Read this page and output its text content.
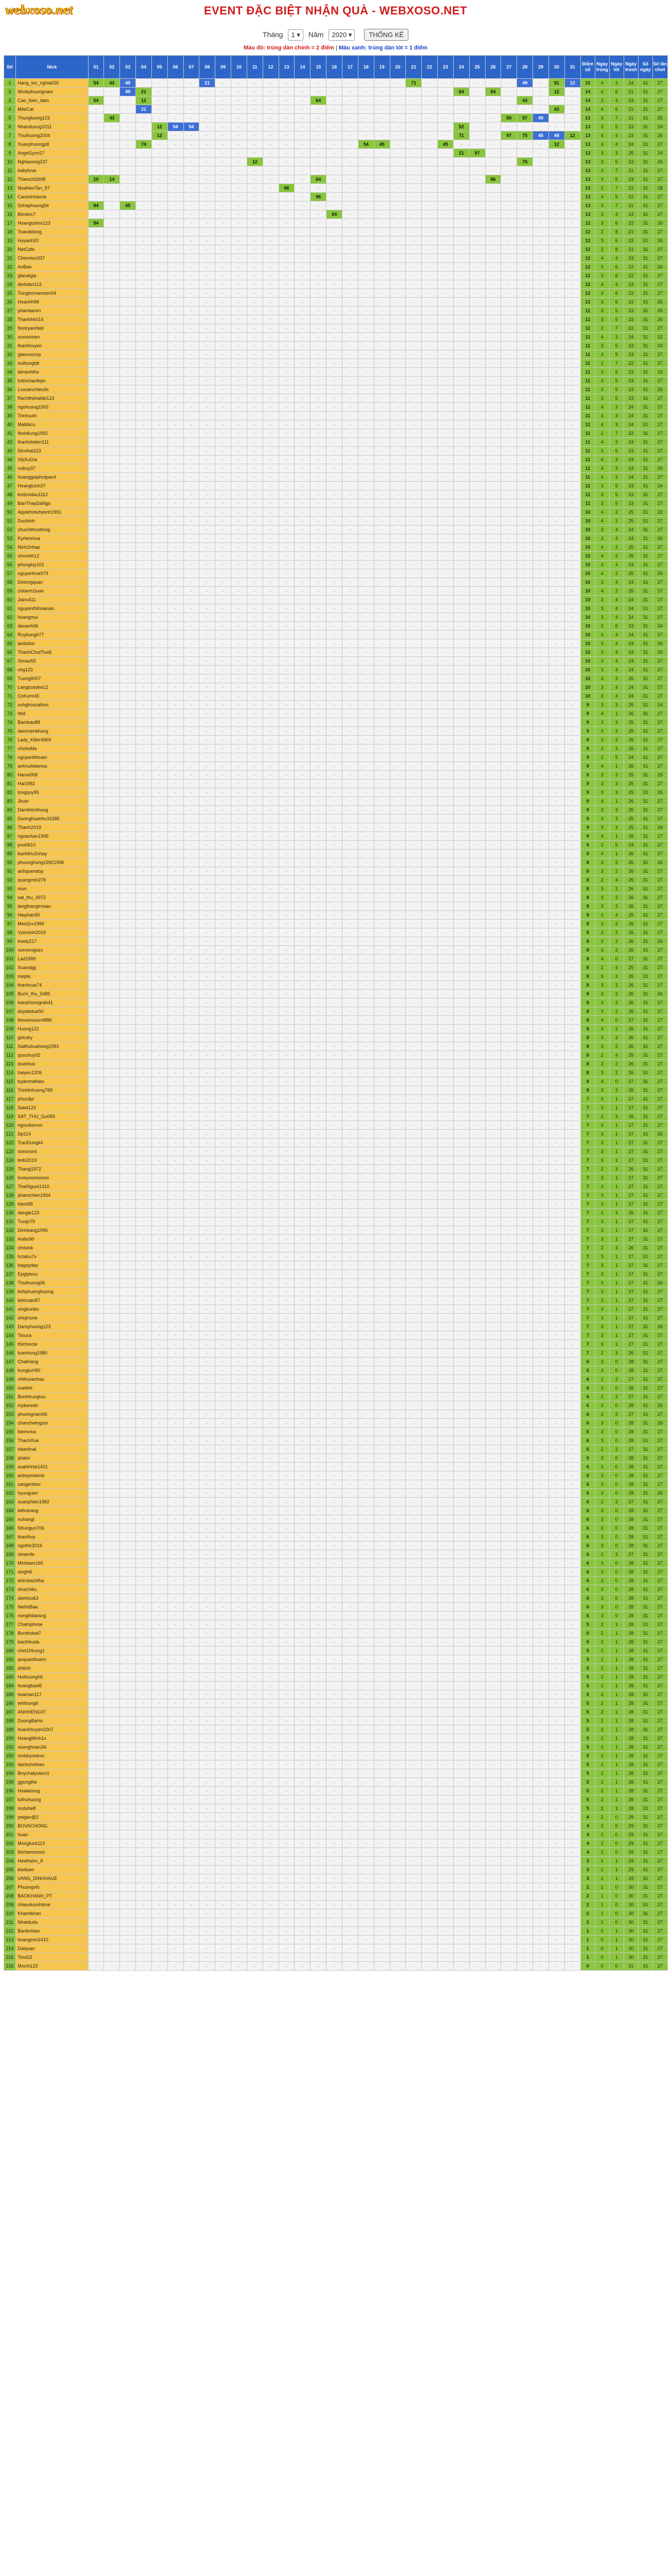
webxoso.net	EVENT ĐẶC BIỆT NHẬN QUÀ - WEBXOSO.NET
Tháng 1 ▾ Năm 2020 ▾	THỐNG KÊ
Màu đỏ: trúng dàn chính = 2 điểm | Màu xanh: trúng dàn lót = 1 điểm
Stt	Nick	01	02	03	04	05	06	07	08	09	10	11	12	13	14	15	16	17	18	19	20	21	22	23	24	25	26	27	28	29	30	31	Điểm số	Ngày trúng	Ngày lót	Ngày trượt	Số ngày	Số lần chơi
1	Hang_loc_nghia025	54	43	49	-	-	-	-	21	-	-	-	-	-	-	-	-	-	-	-	-	71	-	-	-	-	-	-	49	-	91	12	15	4	3	24	31	27
2	Nhokphuongnam	-	-	49	21	-	-	-	-	-	-	-	-	-	-	-	-	-	-	-	-	-	-	-	64	-	54	-	-	-	12	-	14	4	6	21	31	27
3	Cao_bien_dam	54	-	-	12	-	-	-	-	-	-	-	-	-	-	64	-	-	-	-	-	-	-	-	-	-	-	-	43	-	-	-	14	3	4	24	31	27
4	MiteCat	-	-	-	21	-	-	-	-	-	-	-	-	-	-	-	-	-	-	-	-	-	-	-	-	-	-	-	-	-	43	-	14	4	6	21	31	27
5	Thungluong123	-	43	-	-	-	-	-	-	-	-	-	-	-	-	-	-	-	-	-	-	-	-	-	-	-	-	50	97	49	-	-	13	3	7	21	31	25
6	Nhanduong1011	-	-	-	-	12	54	54	-	-	-	-	-	-	-	-	-	-	-	-	-	-	-	-	52	-	-	-	-	-	-	-	13	3	5	23	31	24
7	Thuthuong2004	-	-	-	-	12	-	-	-	-	-	-	-	-	-	-	-	-	-	-	-	-	-	-	71	-	-	97	75	45	49	12	13	4	4	23	31	26
8	Xuanphuongp8	-	-	-	74	-	-	-	-	-	-	-	-	-	-	-	-	-	54	45	-	-	-	45	-	-	-	-	-	-	12	-	13	3	4	24	31	27
9	Angel1ynn27	-	-	-	-	-	-	-	-	-	-	-	-	-	-	-	-	-	-	-	-	-	-	-	21	97	-	-	-	-	-	-	13	3	3	25	31	24
10	Nghiavong237	-	-	-	-	-	-	-	-	-	-	12	-	-	-	-	-	-	-	-	-	-	-	-	-	-	-	-	75	-	-	-	13	3	5	23	31	26
11	babylove	-	-	-	-	-	-	-	-	-	-	-	-	-	-	-	-	-	-	-	-	-	-	-	-	-	-	-	-	-	-	-	13	3	7	21	31	27
12	Thienchi2608	10	14	-	-	-	-	-	-	-	-	-	-	-	-	64	-	-	-	-	-	-	-	-	-	-	86	-	-	-	-	-	13	3	5	23	31	27
13	NoaNeoTan_87	-	-	-	-	-	-	-	-	-	-	-	-	96	-	-	-	-	-	-	-	-	-	-	-	-	-	-	-	-	-	-	13	2	7	22	31	28
14	Cauminhanne	-	-	-	-	-	-	-	-	-	-	-	-	-	-	96	-	-	-	-	-	-	-	-	-	-	-	-	-	-	-	-	13	4	5	22	31	27
15	Sshaphuong94	94	-	45	-	-	-	-	-	-	-	-	-	-	-	-	-	-	-	-	-	-	-	-	-	-	-	-	-	-	-	-	13	3	7	21	31	27
16	Bimdoc7	-	-	-	-	-	-	-	-	-	-	-	-	-	-	-	54	-	-	-	-	-	-	-	-	-	-	-	-	-	-	-	13	3	4	24	31	27
17	Hoangtuhmi123	54	-	-	-	-	-	-	-	-	-	-	-	-	-	-	-	-	-	-	-	-	-	-	-	-	-	-	-	-	-	-	12	3	6	22	31	26
18	Toandidong	-	-	-	-	-	-	-	-	-	-	-	-	-	-	-	-	-	-	-	-	-	-	-	-	-	-	-	-	-	-	-	12	2	8	21	31	27
19	Huyanh20	-	-	-	-	-	-	-	-	-	-	-	-	-	-	-	-	-	-	-	-	-	-	-	-	-	-	-	-	-	-	-	12	3	6	22	31	26
20	NetCafe	-	-	-	-	-	-	-	-	-	-	-	-	-	-	-	-	-	-	-	-	-	-	-	-	-	-	-	-	-	-	-	12	2	8	21	31	27
21	Chinnhoc937	-	-	-	-	-	-	-	-	-	-	-	-	-	-	-	-	-	-	-	-	-	-	-	-	-	-	-	-	-	-	-	12	4	4	23	31	27
22	AnBao	-	-	-	-	-	-	-	-	-	-	-	-	-	-	-	-	-	-	-	-	-	-	-	-	-	-	-	-	-	-	-	12	3	6	22	31	26
23	giacatgia	-	-	-	-	-	-	-	-	-	-	-	-	-	-	-	-	-	-	-	-	-	-	-	-	-	-	-	-	-	-	-	12	3	6	22	31	27
24	dinhdan113	-	-	-	-	-	-	-	-	-	-	-	-	-	-	-	-	-	-	-	-	-	-	-	-	-	-	-	-	-	-	-	12	4	4	23	31	27
25	Tungtonnamson04	-	-	-	-	-	-	-	-	-	-	-	-	-	-	-	-	-	-	-	-	-	-	-	-	-	-	-	-	-	-	-	12	3	6	22	31	27
26	Hoanhh98	-	-	-	-	-	-	-	-	-	-	-	-	-	-	-	-	-	-	-	-	-	-	-	-	-	-	-	-	-	-	-	12	3	6	22	31	26
27	phamtamm	-	-	-	-	-	-	-	-	-	-	-	-	-	-	-	-	-	-	-	-	-	-	-	-	-	-	-	-	-	-	-	11	3	5	23	31	25
28	Thanhhk014	-	-	-	-	-	-	-	-	-	-	-	-	-	-	-	-	-	-	-	-	-	-	-	-	-	-	-	-	-	-	-	11	3	5	23	31	26
29	Nooryanhkid	-	-	-	-	-	-	-	-	-	-	-	-	-	-	-	-	-	-	-	-	-	-	-	-	-	-	-	-	-	-	-	11	2	7	22	31	27
30	xoxoximen	-	-	-	-	-	-	-	-	-	-	-	-	-	-	-	-	-	-	-	-	-	-	-	-	-	-	-	-	-	-	-	11	4	3	24	31	22
31	thanhhuyen	-	-	-	-	-	-	-	-	-	-	-	-	-	-	-	-	-	-	-	-	-	-	-	-	-	-	-	-	-	-	-	11	3	5	23	31	24
32	giaovuoxsp	-	-	-	-	-	-	-	-	-	-	-	-	-	-	-	-	-	-	-	-	-	-	-	-	-	-	-	-	-	-	-	11	3	5	23	31	27
33	huihungtdt	-	-	-	-	-	-	-	-	-	-	-	-	-	-	-	-	-	-	-	-	-	-	-	-	-	-	-	-	-	-	-	11	2	7	22	31	27
34	tienanhths	-	-	-	-	-	-	-	-	-	-	-	-	-	-	-	-	-	-	-	-	-	-	-	-	-	-	-	-	-	-	-	11	3	5	23	31	23
35	tuttochaofeps	-	-	-	-	-	-	-	-	-	-	-	-	-	-	-	-	-	-	-	-	-	-	-	-	-	-	-	-	-	-	-	11	3	5	23	31	27
36	Loxuenchieu9x	-	-	-	-	-	-	-	-	-	-	-	-	-	-	-	-	-	-	-	-	-	-	-	-	-	-	-	-	-	-	-	11	3	5	23	31	26
37	Rachthehatde123	-	-	-	-	-	-	-	-	-	-	-	-	-	-	-	-	-	-	-	-	-	-	-	-	-	-	-	-	-	-	-	11	3	5	23	31	27
38	ngohuong1502	-	-	-	-	-	-	-	-	-	-	-	-	-	-	-	-	-	-	-	-	-	-	-	-	-	-	-	-	-	-	-	11	4	3	24	31	27
39	Trinhvutn	-	-	-	-	-	-	-	-	-	-	-	-	-	-	-	-	-	-	-	-	-	-	-	-	-	-	-	-	-	-	-	11	4	3	24	31	27
40	Mabbicu	-	-	-	-	-	-	-	-	-	-	-	-	-	-	-	-	-	-	-	-	-	-	-	-	-	-	-	-	-	-	-	11	4	3	24	31	27
41	Ikelokung1992	-	-	-	-	-	-	-	-	-	-	-	-	-	-	-	-	-	-	-	-	-	-	-	-	-	-	-	-	-	-	-	11	2	7	22	31	27
42	thanhdotien111	-	-	-	-	-	-	-	-	-	-	-	-	-	-	-	-	-	-	-	-	-	-	-	-	-	-	-	-	-	-	-	11	4	3	24	31	27
43	Dinohai223	-	-	-	-	-	-	-	-	-	-	-	-	-	-	-	-	-	-	-	-	-	-	-	-	-	-	-	-	-	-	-	11	3	5	23	31	27
44	VipXuGia	-	-	-	-	-	-	-	-	-	-	-	-	-	-	-	-	-	-	-	-	-	-	-	-	-	-	-	-	-	-	-	11	4	3	24	31	27
45	nubuy37	-	-	-	-	-	-	-	-	-	-	-	-	-	-	-	-	-	-	-	-	-	-	-	-	-	-	-	-	-	-	-	11	4	3	24	31	26
46	hoanggiaphutpan4	-	-	-	-	-	-	-	-	-	-	-	-	-	-	-	-	-	-	-	-	-	-	-	-	-	-	-	-	-	-	-	11	4	3	24	31	27
47	Hoangtunh37	-	-	-	-	-	-	-	-	-	-	-	-	-	-	-	-	-	-	-	-	-	-	-	-	-	-	-	-	-	-	-	11	3	5	23	31	24
48	kvdzvidau1112	-	-	-	-	-	-	-	-	-	-	-	-	-	-	-	-	-	-	-	-	-	-	-	-	-	-	-	-	-	-	-	11	3	5	23	31	27
49	BanThayDaNgo	-	-	-	-	-	-	-	-	-	-	-	-	-	-	-	-	-	-	-	-	-	-	-	-	-	-	-	-	-	-	-	11	3	5	23	31	27
50	Applehotuhyenh1991	-	-	-	-	-	-	-	-	-	-	-	-	-	-	-	-	-	-	-	-	-	-	-	-	-	-	-	-	-	-	-	10	4	2	25	31	22
51	Ductrinh	-	-	-	-	-	-	-	-	-	-	-	-	-	-	-	-	-	-	-	-	-	-	-	-	-	-	-	-	-	-	-	10	4	2	25	31	27
52	chuchithooltong	-	-	-	-	-	-	-	-	-	-	-	-	-	-	-	-	-	-	-	-	-	-	-	-	-	-	-	-	-	-	-	10	3	4	24	31	27
53	Kyrtenmua	-	-	-	-	-	-	-	-	-	-	-	-	-	-	-	-	-	-	-	-	-	-	-	-	-	-	-	-	-	-	-	10	3	4	24	31	26
54	Ninh2nhap	-	-	-	-	-	-	-	-	-	-	-	-	-	-	-	-	-	-	-	-	-	-	-	-	-	-	-	-	-	-	-	10	4	2	25	31	27
55	vhoneth12	-	-	-	-	-	-	-	-	-	-	-	-	-	-	-	-	-	-	-	-	-	-	-	-	-	-	-	-	-	-	-	10	4	2	25	31	27
56	phungluy101	-	-	-	-	-	-	-	-	-	-	-	-	-	-	-	-	-	-	-	-	-	-	-	-	-	-	-	-	-	-	-	10	3	4	24	31	27
57	nguyenhue979	-	-	-	-	-	-	-	-	-	-	-	-	-	-	-	-	-	-	-	-	-	-	-	-	-	-	-	-	-	-	-	10	4	2	25	31	26
58	Dotongquan	-	-	-	-	-	-	-	-	-	-	-	-	-	-	-	-	-	-	-	-	-	-	-	-	-	-	-	-	-	-	-	10	3	4	24	31	27
59	chitanh1luan	-	-	-	-	-	-	-	-	-	-	-	-	-	-	-	-	-	-	-	-	-	-	-	-	-	-	-	-	-	-	-	10	4	2	25	31	27
60	Jianv411	-	-	-	-	-	-	-	-	-	-	-	-	-	-	-	-	-	-	-	-	-	-	-	-	-	-	-	-	-	-	-	10	3	4	24	31	27
61	nguyenthihoaluan	-	-	-	-	-	-	-	-	-	-	-	-	-	-	-	-	-	-	-	-	-	-	-	-	-	-	-	-	-	-	-	10	3	4	24	31	27
62	hoangmui	-	-	-	-	-	-	-	-	-	-	-	-	-	-	-	-	-	-	-	-	-	-	-	-	-	-	-	-	-	-	-	10	3	4	24	31	27
63	deoanh96	-	-	-	-	-	-	-	-	-	-	-	-	-	-	-	-	-	-	-	-	-	-	-	-	-	-	-	-	-	-	-	10	2	6	23	31	24
64	Ruybungh77	-	-	-	-	-	-	-	-	-	-	-	-	-	-	-	-	-	-	-	-	-	-	-	-	-	-	-	-	-	-	-	10	3	4	24	31	27
65	lanbidoc	-	-	-	-	-	-	-	-	-	-	-	-	-	-	-	-	-	-	-	-	-	-	-	-	-	-	-	-	-	-	-	10	3	4	24	31	26
66	ThanhChutTiva5	-	-	-	-	-	-	-	-	-	-	-	-	-	-	-	-	-	-	-	-	-	-	-	-	-	-	-	-	-	-	-	10	3	4	24	31	26
67	Simao55	-	-	-	-	-	-	-	-	-	-	-	-	-	-	-	-	-	-	-	-	-	-	-	-	-	-	-	-	-	-	-	10	3	4	24	31	27
68	vhg123	-	-	-	-	-	-	-	-	-	-	-	-	-	-	-	-	-	-	-	-	-	-	-	-	-	-	-	-	-	-	-	10	3	4	24	31	27
69	Tuong0007	-	-	-	-	-	-	-	-	-	-	-	-	-	-	-	-	-	-	-	-	-	-	-	-	-	-	-	-	-	-	-	10	4	2	25	31	27
70	Langtustoke12	-	-	-	-	-	-	-	-	-	-	-	-	-	-	-	-	-	-	-	-	-	-	-	-	-	-	-	-	-	-	-	10	3	4	24	31	27
71	CoKuHr45	-	-	-	-	-	-	-	-	-	-	-	-	-	-	-	-	-	-	-	-	-	-	-	-	-	-	-	-	-	-	-	10	3	4	24	31	27
72	xuhghoscathoc	-	-	-	-	-	-	-	-	-	-	-	-	-	-	-	-	-	-	-	-	-	-	-	-	-	-	-	-	-	-	-	9	3	3	25	31	24
73	hbd	-	-	-	-	-	-	-	-	-	-	-	-	-	-	-	-	-	-	-	-	-	-	-	-	-	-	-	-	-	-	-	9	4	1	26	31	27
74	Bambao88	-	-	-	-	-	-	-	-	-	-	-	-	-	-	-	-	-	-	-	-	-	-	-	-	-	-	-	-	-	-	-	9	3	3	25	31	27
75	dannnenkhung	-	-	-	-	-	-	-	-	-	-	-	-	-	-	-	-	-	-	-	-	-	-	-	-	-	-	-	-	-	-	-	9	3	3	25	31	27
76	Lady_Killer4969	-	-	-	-	-	-	-	-	-	-	-	-	-	-	-	-	-	-	-	-	-	-	-	-	-	-	-	-	-	-	-	9	3	3	25	31	27
77	nhohoMe	-	-	-	-	-	-	-	-	-	-	-	-	-	-	-	-	-	-	-	-	-	-	-	-	-	-	-	-	-	-	-	9	3	3	25	31	27
78	nguyenthhuan	-	-	-	-	-	-	-	-	-	-	-	-	-	-	-	-	-	-	-	-	-	-	-	-	-	-	-	-	-	-	-	9	2	5	24	31	27
79	anhnuhbienna	-	-	-	-	-	-	-	-	-	-	-	-	-	-	-	-	-	-	-	-	-	-	-	-	-	-	-	-	-	-	-	9	4	1	26	31	27
80	Hanoi068	-	-	-	-	-	-	-	-	-	-	-	-	-	-	-	-	-	-	-	-	-	-	-	-	-	-	-	-	-	-	-	9	3	3	25	31	25
81	Hai1992	-	-	-	-	-	-	-	-	-	-	-	-	-	-	-	-	-	-	-	-	-	-	-	-	-	-	-	-	-	-	-	9	3	3	25	31	27
82	longquy95	-	-	-	-	-	-	-	-	-	-	-	-	-	-	-	-	-	-	-	-	-	-	-	-	-	-	-	-	-	-	-	9	3	3	25	31	26
83	Jhuin	-	-	-	-	-	-	-	-	-	-	-	-	-	-	-	-	-	-	-	-	-	-	-	-	-	-	-	-	-	-	-	9	4	1	26	31	27
84	Damthtmthung	-	-	-	-	-	-	-	-	-	-	-	-	-	-	-	-	-	-	-	-	-	-	-	-	-	-	-	-	-	-	-	9	3	3	25	31	27
85	Duonghuanhu16385	-	-	-	-	-	-	-	-	-	-	-	-	-	-	-	-	-	-	-	-	-	-	-	-	-	-	-	-	-	-	-	9	3	3	25	31	27
86	Thanh2019	-	-	-	-	-	-	-	-	-	-	-	-	-	-	-	-	-	-	-	-	-	-	-	-	-	-	-	-	-	-	-	9	3	3	25	31	24
87	ngoanhan1995	-	-	-	-	-	-	-	-	-	-	-	-	-	-	-	-	-	-	-	-	-	-	-	-	-	-	-	-	-	-	-	9	4	1	26	31	27
88	proi0610	-	-	-	-	-	-	-	-	-	-	-	-	-	-	-	-	-	-	-	-	-	-	-	-	-	-	-	-	-	-	-	9	2	5	24	31	27
89	banhthu2nhay	-	-	-	-	-	-	-	-	-	-	-	-	-	-	-	-	-	-	-	-	-	-	-	-	-	-	-	-	-	-	-	9	4	1	26	31	27
90	phuonghung19921996	-	-	-	-	-	-	-	-	-	-	-	-	-	-	-	-	-	-	-	-	-	-	-	-	-	-	-	-	-	-	-	8	3	2	26	31	26
91	anhquendop	-	-	-	-	-	-	-	-	-	-	-	-	-	-	-	-	-	-	-	-	-	-	-	-	-	-	-	-	-	-	-	8	3	2	26	31	27
92	quangmin279	-	-	-	-	-	-	-	-	-	-	-	-	-	-	-	-	-	-	-	-	-	-	-	-	-	-	-	-	-	-	-	8	2	4	25	31	27
93	mun	-	-	-	-	-	-	-	-	-	-	-	-	-	-	-	-	-	-	-	-	-	-	-	-	-	-	-	-	-	-	-	8	3	2	26	31	27
94	sat_thu_4972	-	-	-	-	-	-	-	-	-	-	-	-	-	-	-	-	-	-	-	-	-	-	-	-	-	-	-	-	-	-	-	8	3	2	26	31	27
95	langthangtrnsau	-	-	-	-	-	-	-	-	-	-	-	-	-	-	-	-	-	-	-	-	-	-	-	-	-	-	-	-	-	-	-	8	3	2	26	31	27
96	Hiephan90	-	-	-	-	-	-	-	-	-	-	-	-	-	-	-	-	-	-	-	-	-	-	-	-	-	-	-	-	-	-	-	8	2	4	25	31	27
97	Meo2cv1999	-	-	-	-	-	-	-	-	-	-	-	-	-	-	-	-	-	-	-	-	-	-	-	-	-	-	-	-	-	-	-	8	3	2	26	31	27
98	Vyeminh2019	-	-	-	-	-	-	-	-	-	-	-	-	-	-	-	-	-	-	-	-	-	-	-	-	-	-	-	-	-	-	-	8	3	2	26	31	27
99	tnedy217	-	-	-	-	-	-	-	-	-	-	-	-	-	-	-	-	-	-	-	-	-	-	-	-	-	-	-	-	-	-	-	8	3	2	26	31	26
100	nunnongsex	-	-	-	-	-	-	-	-	-	-	-	-	-	-	-	-	-	-	-	-	-	-	-	-	-	-	-	-	-	-	-	8	3	2	26	31	27
101	Lad1999	-	-	-	-	-	-	-	-	-	-	-	-	-	-	-	-	-	-	-	-	-	-	-	-	-	-	-	-	-	-	-	8	4	0	27	31	27
102	Xuandgg	-	-	-	-	-	-	-	-	-	-	-	-	-	-	-	-	-	-	-	-	-	-	-	-	-	-	-	-	-	-	-	8	2	4	25	31	27
103	mepla	-	-	-	-	-	-	-	-	-	-	-	-	-	-	-	-	-	-	-	-	-	-	-	-	-	-	-	-	-	-	-	8	3	2	26	31	27
104	thanhcue74	-	-	-	-	-	-	-	-	-	-	-	-	-	-	-	-	-	-	-	-	-	-	-	-	-	-	-	-	-	-	-	8	3	2	26	31	27
105	Buch_thu_5485	-	-	-	-	-	-	-	-	-	-	-	-	-	-	-	-	-	-	-	-	-	-	-	-	-	-	-	-	-	-	-	8	3	2	26	31	26
106	tranphonngrab41	-	-	-	-	-	-	-	-	-	-	-	-	-	-	-	-	-	-	-	-	-	-	-	-	-	-	-	-	-	-	-	8	3	2	26	31	27
107	duydeduaS0	-	-	-	-	-	-	-	-	-	-	-	-	-	-	-	-	-	-	-	-	-	-	-	-	-	-	-	-	-	-	-	8	3	2	26	31	27
108	thoxenvuon4886	-	-	-	-	-	-	-	-	-	-	-	-	-	-	-	-	-	-	-	-	-	-	-	-	-	-	-	-	-	-	-	8	4	0	27	31	27
109	Huong122	-	-	-	-	-	-	-	-	-	-	-	-	-	-	-	-	-	-	-	-	-	-	-	-	-	-	-	-	-	-	-	8	3	2	26	31	27
110	girlcdry	-	-	-	-	-	-	-	-	-	-	-	-	-	-	-	-	-	-	-	-	-	-	-	-	-	-	-	-	-	-	-	8	3	2	26	31	27
111	Saithuhuahong1991	-	-	-	-	-	-	-	-	-	-	-	-	-	-	-	-	-	-	-	-	-	-	-	-	-	-	-	-	-	-	-	8	3	2	26	31	27
112	quochuy92	-	-	-	-	-	-	-	-	-	-	-	-	-	-	-	-	-	-	-	-	-	-	-	-	-	-	-	-	-	-	-	8	2	4	25	31	27
113	duvkhuo	-	-	-	-	-	-	-	-	-	-	-	-	-	-	-	-	-	-	-	-	-	-	-	-	-	-	-	-	-	-	-	8	3	2	26	31	27
114	haiyen1209	-	-	-	-	-	-	-	-	-	-	-	-	-	-	-	-	-	-	-	-	-	-	-	-	-	-	-	-	-	-	-	8	3	2	26	31	27
115	tuyenmahieu	-	-	-	-	-	-	-	-	-	-	-	-	-	-	-	-	-	-	-	-	-	-	-	-	-	-	-	-	-	-	-	8	4	0	27	31	27
116	Trinhtrihuong789	-	-	-	-	-	-	-	-	-	-	-	-	-	-	-	-	-	-	-	-	-	-	-	-	-	-	-	-	-	-	-	8	3	2	26	31	27
117	phucdpi	-	-	-	-	-	-	-	-	-	-	-	-	-	-	-	-	-	-	-	-	-	-	-	-	-	-	-	-	-	-	-	7	3	1	27	31	27
118	Saiat123	-	-	-	-	-	-	-	-	-	-	-	-	-	-	-	-	-	-	-	-	-	-	-	-	-	-	-	-	-	-	-	7	3	1	27	31	27
119	SAT_THU_Gu069	-	-	-	-	-	-	-	-	-	-	-	-	-	-	-	-	-	-	-	-	-	-	-	-	-	-	-	-	-	-	-	7	2	3	26	31	27
120	ngocdiemvn	-	-	-	-	-	-	-	-	-	-	-	-	-	-	-	-	-	-	-	-	-	-	-	-	-	-	-	-	-	-	-	7	3	1	27	31	27
121	Dp114	-	-	-	-	-	-	-	-	-	-	-	-	-	-	-	-	-	-	-	-	-	-	-	-	-	-	-	-	-	-	-	7	3	1	27	31	26
122	TranDungk4	-	-	-	-	-	-	-	-	-	-	-	-	-	-	-	-	-	-	-	-	-	-	-	-	-	-	-	-	-	-	-	7	3	1	27	31	27
123	nonononl	-	-	-	-	-	-	-	-	-	-	-	-	-	-	-	-	-	-	-	-	-	-	-	-	-	-	-	-	-	-	-	7	3	1	27	31	27
124	bobi2019	-	-	-	-	-	-	-	-	-	-	-	-	-	-	-	-	-	-	-	-	-	-	-	-	-	-	-	-	-	-	-	7	3	1	27	31	27
125	Thang1972	-	-	-	-	-	-	-	-	-	-	-	-	-	-	-	-	-	-	-	-	-	-	-	-	-	-	-	-	-	-	-	7	2	3	26	31	27
126	loveyoumoreov	-	-	-	-	-	-	-	-	-	-	-	-	-	-	-	-	-	-	-	-	-	-	-	-	-	-	-	-	-	-	-	7	3	1	27	31	27
127	ThaiNguot1310	-	-	-	-	-	-	-	-	-	-	-	-	-	-	-	-	-	-	-	-	-	-	-	-	-	-	-	-	-	-	-	7	3	1	27	31	27
128	phamchien1904	-	-	-	-	-	-	-	-	-	-	-	-	-	-	-	-	-	-	-	-	-	-	-	-	-	-	-	-	-	-	-	7	3	1	27	31	27
129	hienI98	-	-	-	-	-	-	-	-	-	-	-	-	-	-	-	-	-	-	-	-	-	-	-	-	-	-	-	-	-	-	-	7	3	1	27	31	27
130	dangle123	-	-	-	-	-	-	-	-	-	-	-	-	-	-	-	-	-	-	-	-	-	-	-	-	-	-	-	-	-	-	-	7	2	3	26	31	27
131	Tuvijo79	-	-	-	-	-	-	-	-	-	-	-	-	-	-	-	-	-	-	-	-	-	-	-	-	-	-	-	-	-	-	-	7	3	1	27	31	27
132	Dinhbang1996	-	-	-	-	-	-	-	-	-	-	-	-	-	-	-	-	-	-	-	-	-	-	-	-	-	-	-	-	-	-	-	7	3	1	27	31	27
133	Asibo90	-	-	-	-	-	-	-	-	-	-	-	-	-	-	-	-	-	-	-	-	-	-	-	-	-	-	-	-	-	-	-	7	3	1	27	31	27
134	ctnlsink	-	-	-	-	-	-	-	-	-	-	-	-	-	-	-	-	-	-	-	-	-	-	-	-	-	-	-	-	-	-	-	7	2	3	26	31	27
135	hclatru7x	-	-	-	-	-	-	-	-	-	-	-	-	-	-	-	-	-	-	-	-	-	-	-	-	-	-	-	-	-	-	-	7	3	1	27	31	27
136	bagaydep	-	-	-	-	-	-	-	-	-	-	-	-	-	-	-	-	-	-	-	-	-	-	-	-	-	-	-	-	-	-	-	7	3	1	27	31	27
137	Epglytxvu	-	-	-	-	-	-	-	-	-	-	-	-	-	-	-	-	-	-	-	-	-	-	-	-	-	-	-	-	-	-	-	7	3	1	27	31	27
138	Thuthuong06	-	-	-	-	-	-	-	-	-	-	-	-	-	-	-	-	-	-	-	-	-	-	-	-	-	-	-	-	-	-	-	7	3	1	27	31	26
139	tinhphuonghuong	-	-	-	-	-	-	-	-	-	-	-	-	-	-	-	-	-	-	-	-	-	-	-	-	-	-	-	-	-	-	-	7	3	1	27	31	27
140	lebicoan87	-	-	-	-	-	-	-	-	-	-	-	-	-	-	-	-	-	-	-	-	-	-	-	-	-	-	-	-	-	-	-	7	3	1	27	31	27
141	xingkunbo	-	-	-	-	-	-	-	-	-	-	-	-	-	-	-	-	-	-	-	-	-	-	-	-	-	-	-	-	-	-	-	7	3	1	27	31	27
142	shiqinone	-	-	-	-	-	-	-	-	-	-	-	-	-	-	-	-	-	-	-	-	-	-	-	-	-	-	-	-	-	-	-	7	3	1	27	31	27
143	Damphuong123	-	-	-	-	-	-	-	-	-	-	-	-	-	-	-	-	-	-	-	-	-	-	-	-	-	-	-	-	-	-	-	7	3	1	27	31	26
144	Tiouca	-	-	-	-	-	-	-	-	-	-	-	-	-	-	-	-	-	-	-	-	-	-	-	-	-	-	-	-	-	-	-	7	3	1	27	31	27
145	thichrecie	-	-	-	-	-	-	-	-	-	-	-	-	-	-	-	-	-	-	-	-	-	-	-	-	-	-	-	-	-	-	-	7	3	1	27	31	27
146	tuanhung1980	-	-	-	-	-	-	-	-	-	-	-	-	-	-	-	-	-	-	-	-	-	-	-	-	-	-	-	-	-	-	-	7	2	3	26	31	27
147	ChaiHang	-	-	-	-	-	-	-	-	-	-	-	-	-	-	-	-	-	-	-	-	-	-	-	-	-	-	-	-	-	-	-	6	3	0	28	31	27
148	hungtuH90	-	-	-	-	-	-	-	-	-	-	-	-	-	-	-	-	-	-	-	-	-	-	-	-	-	-	-	-	-	-	-	6	3	0	28	31	27
149	nhthuvanhau	-	-	-	-	-	-	-	-	-	-	-	-	-	-	-	-	-	-	-	-	-	-	-	-	-	-	-	-	-	-	-	6	2	2	27	31	27
150	xuebinl	-	-	-	-	-	-	-	-	-	-	-	-	-	-	-	-	-	-	-	-	-	-	-	-	-	-	-	-	-	-	-	6	3	0	28	31	27
151	Bonhtrungtuu	-	-	-	-	-	-	-	-	-	-	-	-	-	-	-	-	-	-	-	-	-	-	-	-	-	-	-	-	-	-	-	6	2	2	27	31	27
152	mykeredo	-	-	-	-	-	-	-	-	-	-	-	-	-	-	-	-	-	-	-	-	-	-	-	-	-	-	-	-	-	-	-	6	3	0	28	31	26
153	phuongnam96	-	-	-	-	-	-	-	-	-	-	-	-	-	-	-	-	-	-	-	-	-	-	-	-	-	-	-	-	-	-	-	6	2	2	27	31	27
154	chanchetnguoi	-	-	-	-	-	-	-	-	-	-	-	-	-	-	-	-	-	-	-	-	-	-	-	-	-	-	-	-	-	-	-	6	3	0	28	31	26
155	biemviva	-	-	-	-	-	-	-	-	-	-	-	-	-	-	-	-	-	-	-	-	-	-	-	-	-	-	-	-	-	-	-	6	3	0	28	31	27
156	ThachXua	-	-	-	-	-	-	-	-	-	-	-	-	-	-	-	-	-	-	-	-	-	-	-	-	-	-	-	-	-	-	-	6	3	0	28	31	27
157	hikerfinal	-	-	-	-	-	-	-	-	-	-	-	-	-	-	-	-	-	-	-	-	-	-	-	-	-	-	-	-	-	-	-	6	2	2	27	31	27
158	phatvi	-	-	-	-	-	-	-	-	-	-	-	-	-	-	-	-	-	-	-	-	-	-	-	-	-	-	-	-	-	-	-	6	3	0	28	31	27
159	xuahinhai1401	-	-	-	-	-	-	-	-	-	-	-	-	-	-	-	-	-	-	-	-	-	-	-	-	-	-	-	-	-	-	-	6	3	0	28	31	27
160	antoyentamb	-	-	-	-	-	-	-	-	-	-	-	-	-	-	-	-	-	-	-	-	-	-	-	-	-	-	-	-	-	-	-	6	3	0	28	31	27
161	caogenheo	-	-	-	-	-	-	-	-	-	-	-	-	-	-	-	-	-	-	-	-	-	-	-	-	-	-	-	-	-	-	-	6	3	0	28	31	27
162	hyunguen	-	-	-	-	-	-	-	-	-	-	-	-	-	-	-	-	-	-	-	-	-	-	-	-	-	-	-	-	-	-	-	6	3	0	28	31	26
163	xuanphien1982	-	-	-	-	-	-	-	-	-	-	-	-	-	-	-	-	-	-	-	-	-	-	-	-	-	-	-	-	-	-	-	6	2	2	27	31	27
164	lethutrang	-	-	-	-	-	-	-	-	-	-	-	-	-	-	-	-	-	-	-	-	-	-	-	-	-	-	-	-	-	-	-	6	3	0	28	31	27
165	nuhangt	-	-	-	-	-	-	-	-	-	-	-	-	-	-	-	-	-	-	-	-	-	-	-	-	-	-	-	-	-	-	-	6	3	0	28	31	27
166	Nhungun706	-	-	-	-	-	-	-	-	-	-	-	-	-	-	-	-	-	-	-	-	-	-	-	-	-	-	-	-	-	-	-	6	3	0	28	31	27
167	thaothuy	-	-	-	-	-	-	-	-	-	-	-	-	-	-	-	-	-	-	-	-	-	-	-	-	-	-	-	-	-	-	-	6	3	0	28	31	27
168	ngothe2019	-	-	-	-	-	-	-	-	-	-	-	-	-	-	-	-	-	-	-	-	-	-	-	-	-	-	-	-	-	-	-	6	3	0	28	31	27
169	ntnamfe	-	-	-	-	-	-	-	-	-	-	-	-	-	-	-	-	-	-	-	-	-	-	-	-	-	-	-	-	-	-	-	6	2	2	27	31	27
170	Minhtam165	-	-	-	-	-	-	-	-	-	-	-	-	-	-	-	-	-	-	-	-	-	-	-	-	-	-	-	-	-	-	-	6	3	0	28	31	27
171	xinghi6	-	-	-	-	-	-	-	-	-	-	-	-	-	-	-	-	-	-	-	-	-	-	-	-	-	-	-	-	-	-	-	6	3	0	28	31	27
172	shimbachtha	-	-	-	-	-	-	-	-	-	-	-	-	-	-	-	-	-	-	-	-	-	-	-	-	-	-	-	-	-	-	-	6	3	0	28	31	27
173	shuichiliu	-	-	-	-	-	-	-	-	-	-	-	-	-	-	-	-	-	-	-	-	-	-	-	-	-	-	-	-	-	-	-	6	3	0	28	31	27
174	danhcu&3	-	-	-	-	-	-	-	-	-	-	-	-	-	-	-	-	-	-	-	-	-	-	-	-	-	-	-	-	-	-	-	6	3	0	28	31	27
175	NethiiBaa	-	-	-	-	-	-	-	-	-	-	-	-	-	-	-	-	-	-	-	-	-	-	-	-	-	-	-	-	-	-	-	6	3	0	28	31	27
176	nongthitarang	-	-	-	-	-	-	-	-	-	-	-	-	-	-	-	-	-	-	-	-	-	-	-	-	-	-	-	-	-	-	-	6	3	0	28	31	27
177	Chatnphmie	-	-	-	-	-	-	-	-	-	-	-	-	-	-	-	-	-	-	-	-	-	-	-	-	-	-	-	-	-	-	-	5	2	1	28	31	27
178	Bonthokat7	-	-	-	-	-	-	-	-	-	-	-	-	-	-	-	-	-	-	-	-	-	-	-	-	-	-	-	-	-	-	-	5	2	1	28	31	27
179	bacthhuda	-	-	-	-	-	-	-	-	-	-	-	-	-	-	-	-	-	-	-	-	-	-	-	-	-	-	-	-	-	-	-	5	2	1	28	31	27
180	chet10trung1	-	-	-	-	-	-	-	-	-	-	-	-	-	-	-	-	-	-	-	-	-	-	-	-	-	-	-	-	-	-	-	5	2	1	28	31	27
181	anquanthuem	-	-	-	-	-	-	-	-	-	-	-	-	-	-	-	-	-	-	-	-	-	-	-	-	-	-	-	-	-	-	-	5	2	1	28	31	27
182	shilchi	-	-	-	-	-	-	-	-	-	-	-	-	-	-	-	-	-	-	-	-	-	-	-	-	-	-	-	-	-	-	-	5	2	1	28	31	27
183	Huthuongh6	-	-	-	-	-	-	-	-	-	-	-	-	-	-	-	-	-	-	-	-	-	-	-	-	-	-	-	-	-	-	-	5	2	1	28	31	27
184	hoangbaol6	-	-	-	-	-	-	-	-	-	-	-	-	-	-	-	-	-	-	-	-	-	-	-	-	-	-	-	-	-	-	-	5	2	1	28	31	27
185	hoaman117	-	-	-	-	-	-	-	-	-	-	-	-	-	-	-	-	-	-	-	-	-	-	-	-	-	-	-	-	-	-	-	5	2	1	28	31	27
186	tehthung6	-	-	-	-	-	-	-	-	-	-	-	-	-	-	-	-	-	-	-	-	-	-	-	-	-	-	-	-	-	-	-	5	2	1	28	31	27
187	ANHHENG07	-	-	-	-	-	-	-	-	-	-	-	-	-	-	-	-	-	-	-	-	-	-	-	-	-	-	-	-	-	-	-	5	2	1	28	31	27
188	DuongBaHo	-	-	-	-	-	-	-	-	-	-	-	-	-	-	-	-	-	-	-	-	-	-	-	-	-	-	-	-	-	-	-	5	2	1	28	31	27
189	huanhhuyen2007	-	-	-	-	-	-	-	-	-	-	-	-	-	-	-	-	-	-	-	-	-	-	-	-	-	-	-	-	-	-	-	5	2	1	28	31	27
190	HoangMinh1x	-	-	-	-	-	-	-	-	-	-	-	-	-	-	-	-	-	-	-	-	-	-	-	-	-	-	-	-	-	-	-	5	2	1	28	31	27
191	vuonghuan2kl	-	-	-	-	-	-	-	-	-	-	-	-	-	-	-	-	-	-	-	-	-	-	-	-	-	-	-	-	-	-	-	5	2	1	28	31	27
192	mnbbynotnm	-	-	-	-	-	-	-	-	-	-	-	-	-	-	-	-	-	-	-	-	-	-	-	-	-	-	-	-	-	-	-	5	2	1	28	31	27
193	danhchotheo	-	-	-	-	-	-	-	-	-	-	-	-	-	-	-	-	-	-	-	-	-	-	-	-	-	-	-	-	-	-	-	5	2	1	28	31	27
194	Bnychatyolem1	-	-	-	-	-	-	-	-	-	-	-	-	-	-	-	-	-	-	-	-	-	-	-	-	-	-	-	-	-	-	-	5	2	1	28	31	27
195	ggongthe	-	-	-	-	-	-	-	-	-	-	-	-	-	-	-	-	-	-	-	-	-	-	-	-	-	-	-	-	-	-	-	5	2	1	28	31	27
196	Hoalannug	-	-	-	-	-	-	-	-	-	-	-	-	-	-	-	-	-	-	-	-	-	-	-	-	-	-	-	-	-	-	-	5	2	1	28	31	27
197	tuthuhuong	-	-	-	-	-	-	-	-	-	-	-	-	-	-	-	-	-	-	-	-	-	-	-	-	-	-	-	-	-	-	-	5	2	1	28	31	27
198	nuduhe8	-	-	-	-	-	-	-	-	-	-	-	-	-	-	-	-	-	-	-	-	-	-	-	-	-	-	-	-	-	-	-	5	2	1	28	31	27
199	yeigan@2	-	-	-	-	-	-	-	-	-	-	-	-	-	-	-	-	-	-	-	-	-	-	-	-	-	-	-	-	-	-	-	4	2	0	29	31	27
200	BOVACHONG	-	-	-	-	-	-	-	-	-	-	-	-	-	-	-	-	-	-	-	-	-	-	-	-	-	-	-	-	-	-	-	4	2	0	29	31	27
201	huan	-	-	-	-	-	-	-	-	-	-	-	-	-	-	-	-	-	-	-	-	-	-	-	-	-	-	-	-	-	-	-	4	2	0	29	31	27
202	Mongluck113	-	-	-	-	-	-	-	-	-	-	-	-	-	-	-	-	-	-	-	-	-	-	-	-	-	-	-	-	-	-	-	4	2	0	29	31	27
203	thichemmoss	-	-	-	-	-	-	-	-	-	-	-	-	-	-	-	-	-	-	-	-	-	-	-	-	-	-	-	-	-	-	-	4	2	0	29	31	27
204	Heethahn_8	-	-	-	-	-	-	-	-	-	-	-	-	-	-	-	-	-	-	-	-	-	-	-	-	-	-	-	-	-	-	-	3	1	1	29	31	27
205	kiwiluen	-	-	-	-	-	-	-	-	-	-	-	-	-	-	-	-	-	-	-	-	-	-	-	-	-	-	-	-	-	-	-	3	1	1	29	31	27
206	VANG_DINHHAUE	-	-	-	-	-	-	-	-	-	-	-	-	-	-	-	-	-	-	-	-	-	-	-	-	-	-	-	-	-	-	-	3	1	1	29	31	27
207	Phuongvfs	-	-	-	-	-	-	-	-	-	-	-	-	-	-	-	-	-	-	-	-	-	-	-	-	-	-	-	-	-	-	-	2	1	0	30	31	27
208	BAOKHANH_PT	-	-	-	-	-	-	-	-	-	-	-	-	-	-	-	-	-	-	-	-	-	-	-	-	-	-	-	-	-	-	-	2	1	0	30	31	27
209	chieuduonhtime	-	-	-	-	-	-	-	-	-	-	-	-	-	-	-	-	-	-	-	-	-	-	-	-	-	-	-	-	-	-	-	2	1	0	30	31	27
210	Khanhkhan	-	-	-	-	-	-	-	-	-	-	-	-	-	-	-	-	-	-	-	-	-	-	-	-	-	-	-	-	-	-	-	2	1	0	30	31	27
211	Nhatdudu	-	-	-	-	-	-	-	-	-	-	-	-	-	-	-	-	-	-	-	-	-	-	-	-	-	-	-	-	-	-	-	2	1	0	30	31	27
212	Bantinhtao	-	-	-	-	-	-	-	-	-	-	-	-	-	-	-	-	-	-	-	-	-	-	-	-	-	-	-	-	-	-	-	1	0	1	30	31	27
213	hoangmin2410	-	-	-	-	-	-	-	-	-	-	-	-	-	-	-	-	-	-	-	-	-	-	-	-	-	-	-	-	-	-	-	1	0	1	30	31	27
214	Dalquan	-	-	-	-	-	-	-	-	-	-	-	-	-	-	-	-	-	-	-	-	-	-	-	-	-	-	-	-	-	-	-	1	0	1	30	31	27
215	Tinvl22	-	-	-	-	-	-	-	-	-	-	-	-	-	-	-	-	-	-	-	-	-	-	-	-	-	-	-	-	-	-	-	1	0	1	30	31	27
216	Mochi123	-	-	-	-	-	-	-	-	-	-	-	-	-	-	-	-	-	-	-	-	-	-	-	-	-	-	-	-	-	-	-	0	0	0	31	31	27
